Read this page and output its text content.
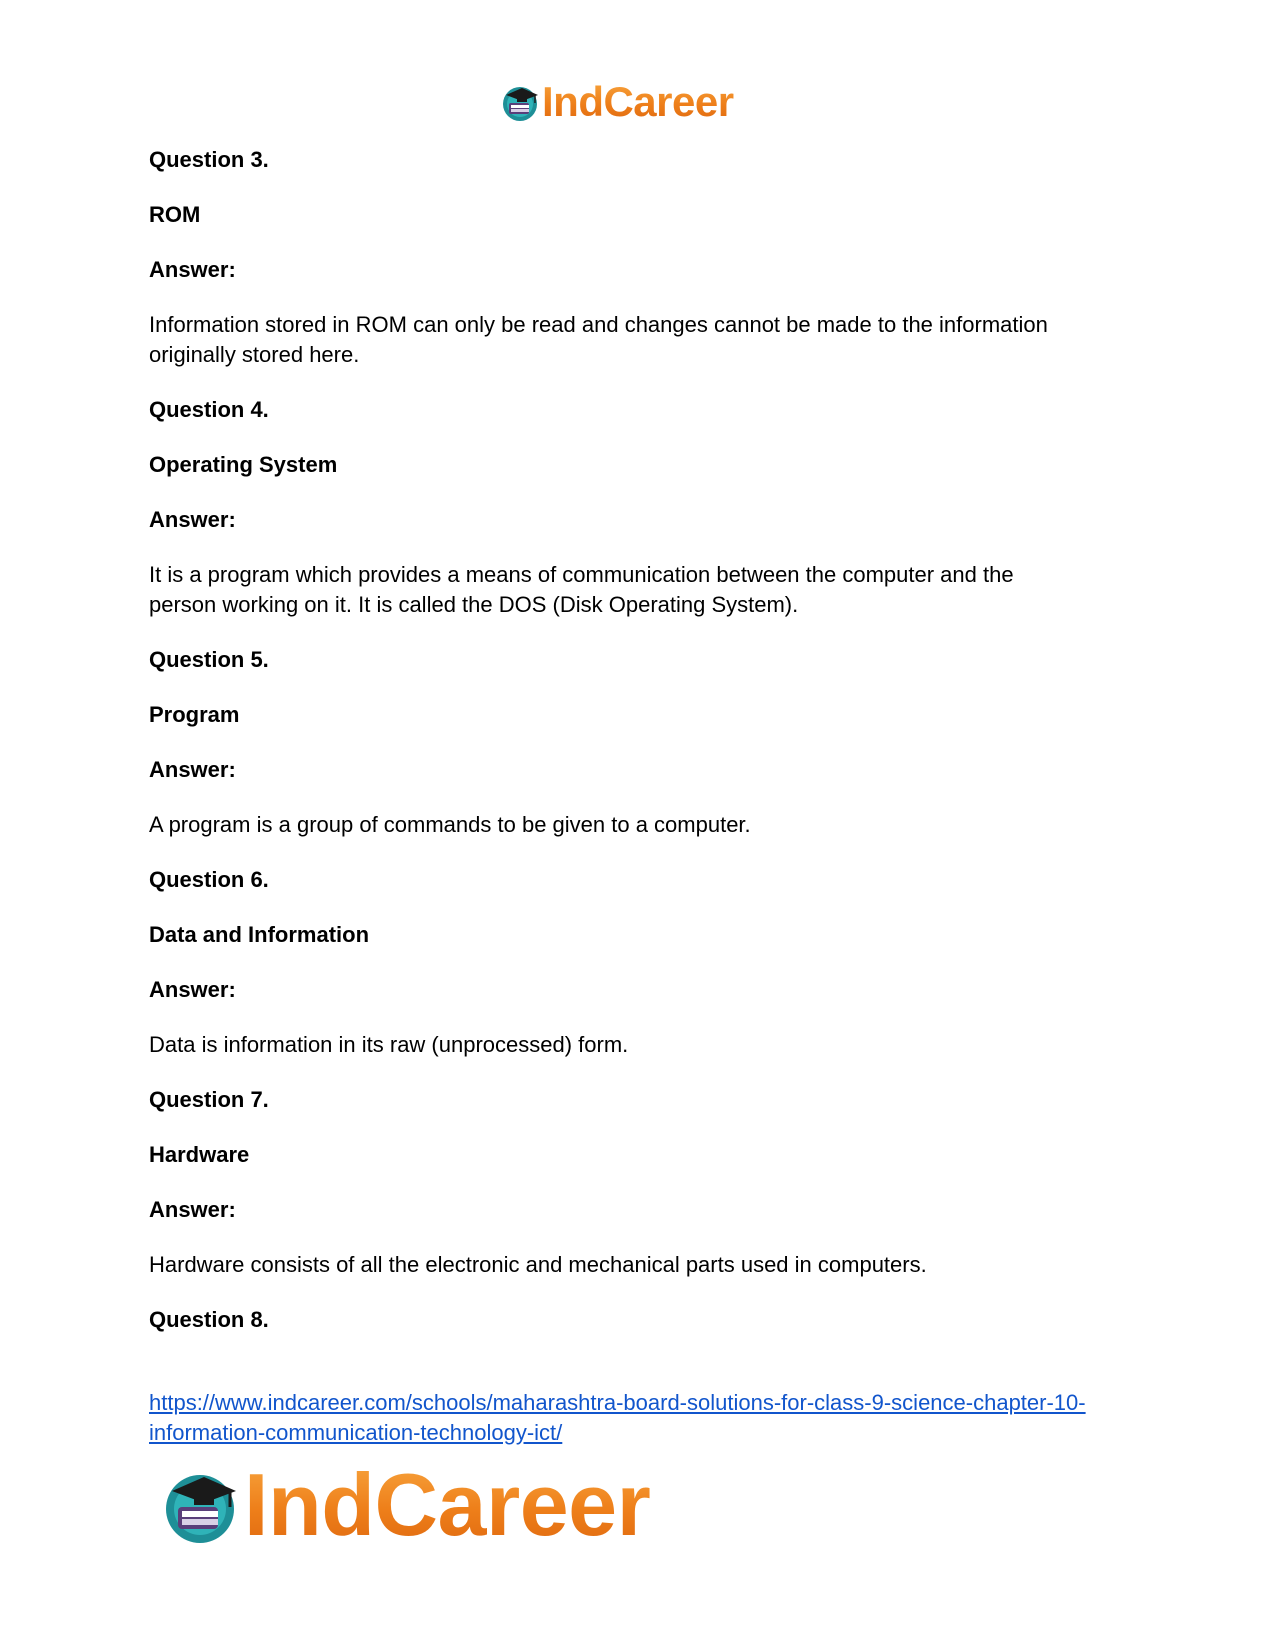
IndCareer

Question 3.

ROM

Answer:

Information stored in ROM can only be read and changes cannot be made to the information

originally stored here.

Question 4.

Operating System

Answer:

It is a program which provides a means of communication between the computer and the

person working on it. It is called the DOS (Disk Operating System).

Question 5.

Program

Answer:

A program is a group of commands to be given to a computer.

Question 6.

Data and Information

Answer:

Data is information in its raw (unprocessed) form.

Question 7.

Hardware

Answer:

Hardware consists of all the electronic and mechanical parts used in computers.

Question 8.

https://www.indcareer.com/schools/maharashtra-board-solutions-for-class-9-science-chapter-10-
information-communication-technology-ict/
IndCareer
